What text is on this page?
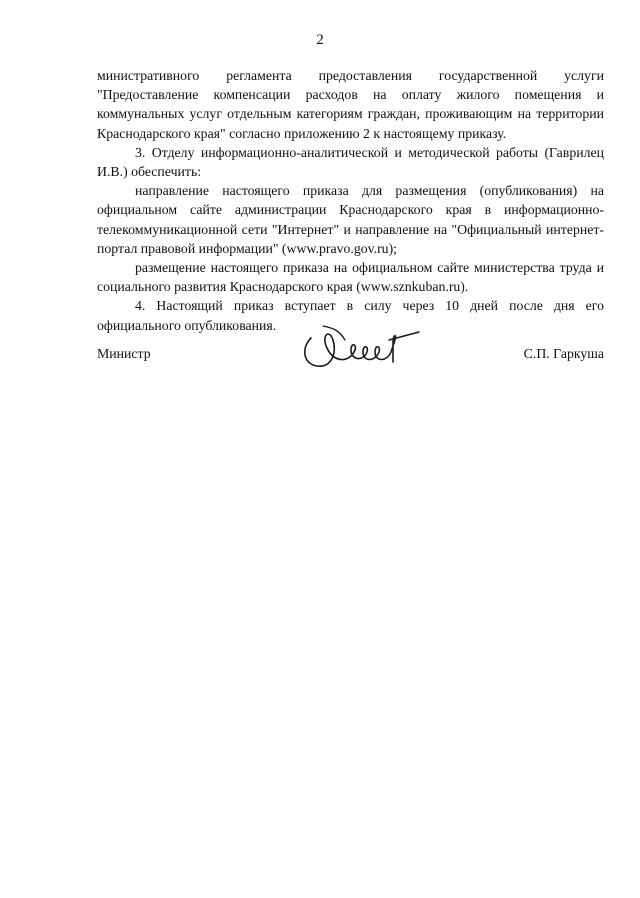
2

министративного регламента предоставления государственной услуги "Предоставление компенсации расходов на оплату жилого помещения и коммунальных услуг отдельным категориям граждан, проживающим на территории Краснодарского края" согласно приложению 2 к настоящему приказу.

3. Отделу информационно-аналитической и методической работы (Гаврилец И.В.) обеспечить:

направление настоящего приказа для размещения (опубликования) на официальном сайте администрации Краснодарского края в информационно-телекоммуникационной сети "Интернет" и направление на "Официальный интернет-портал правовой информации" (www.pravo.gov.ru);

размещение настоящего приказа на официальном сайте министерства труда и социального развития Краснодарского края (www.sznkuban.ru).

4. Настоящий приказ вступает в силу через 10 дней после дня его официального опубликования.

Министр	С.П. Гаркуша
